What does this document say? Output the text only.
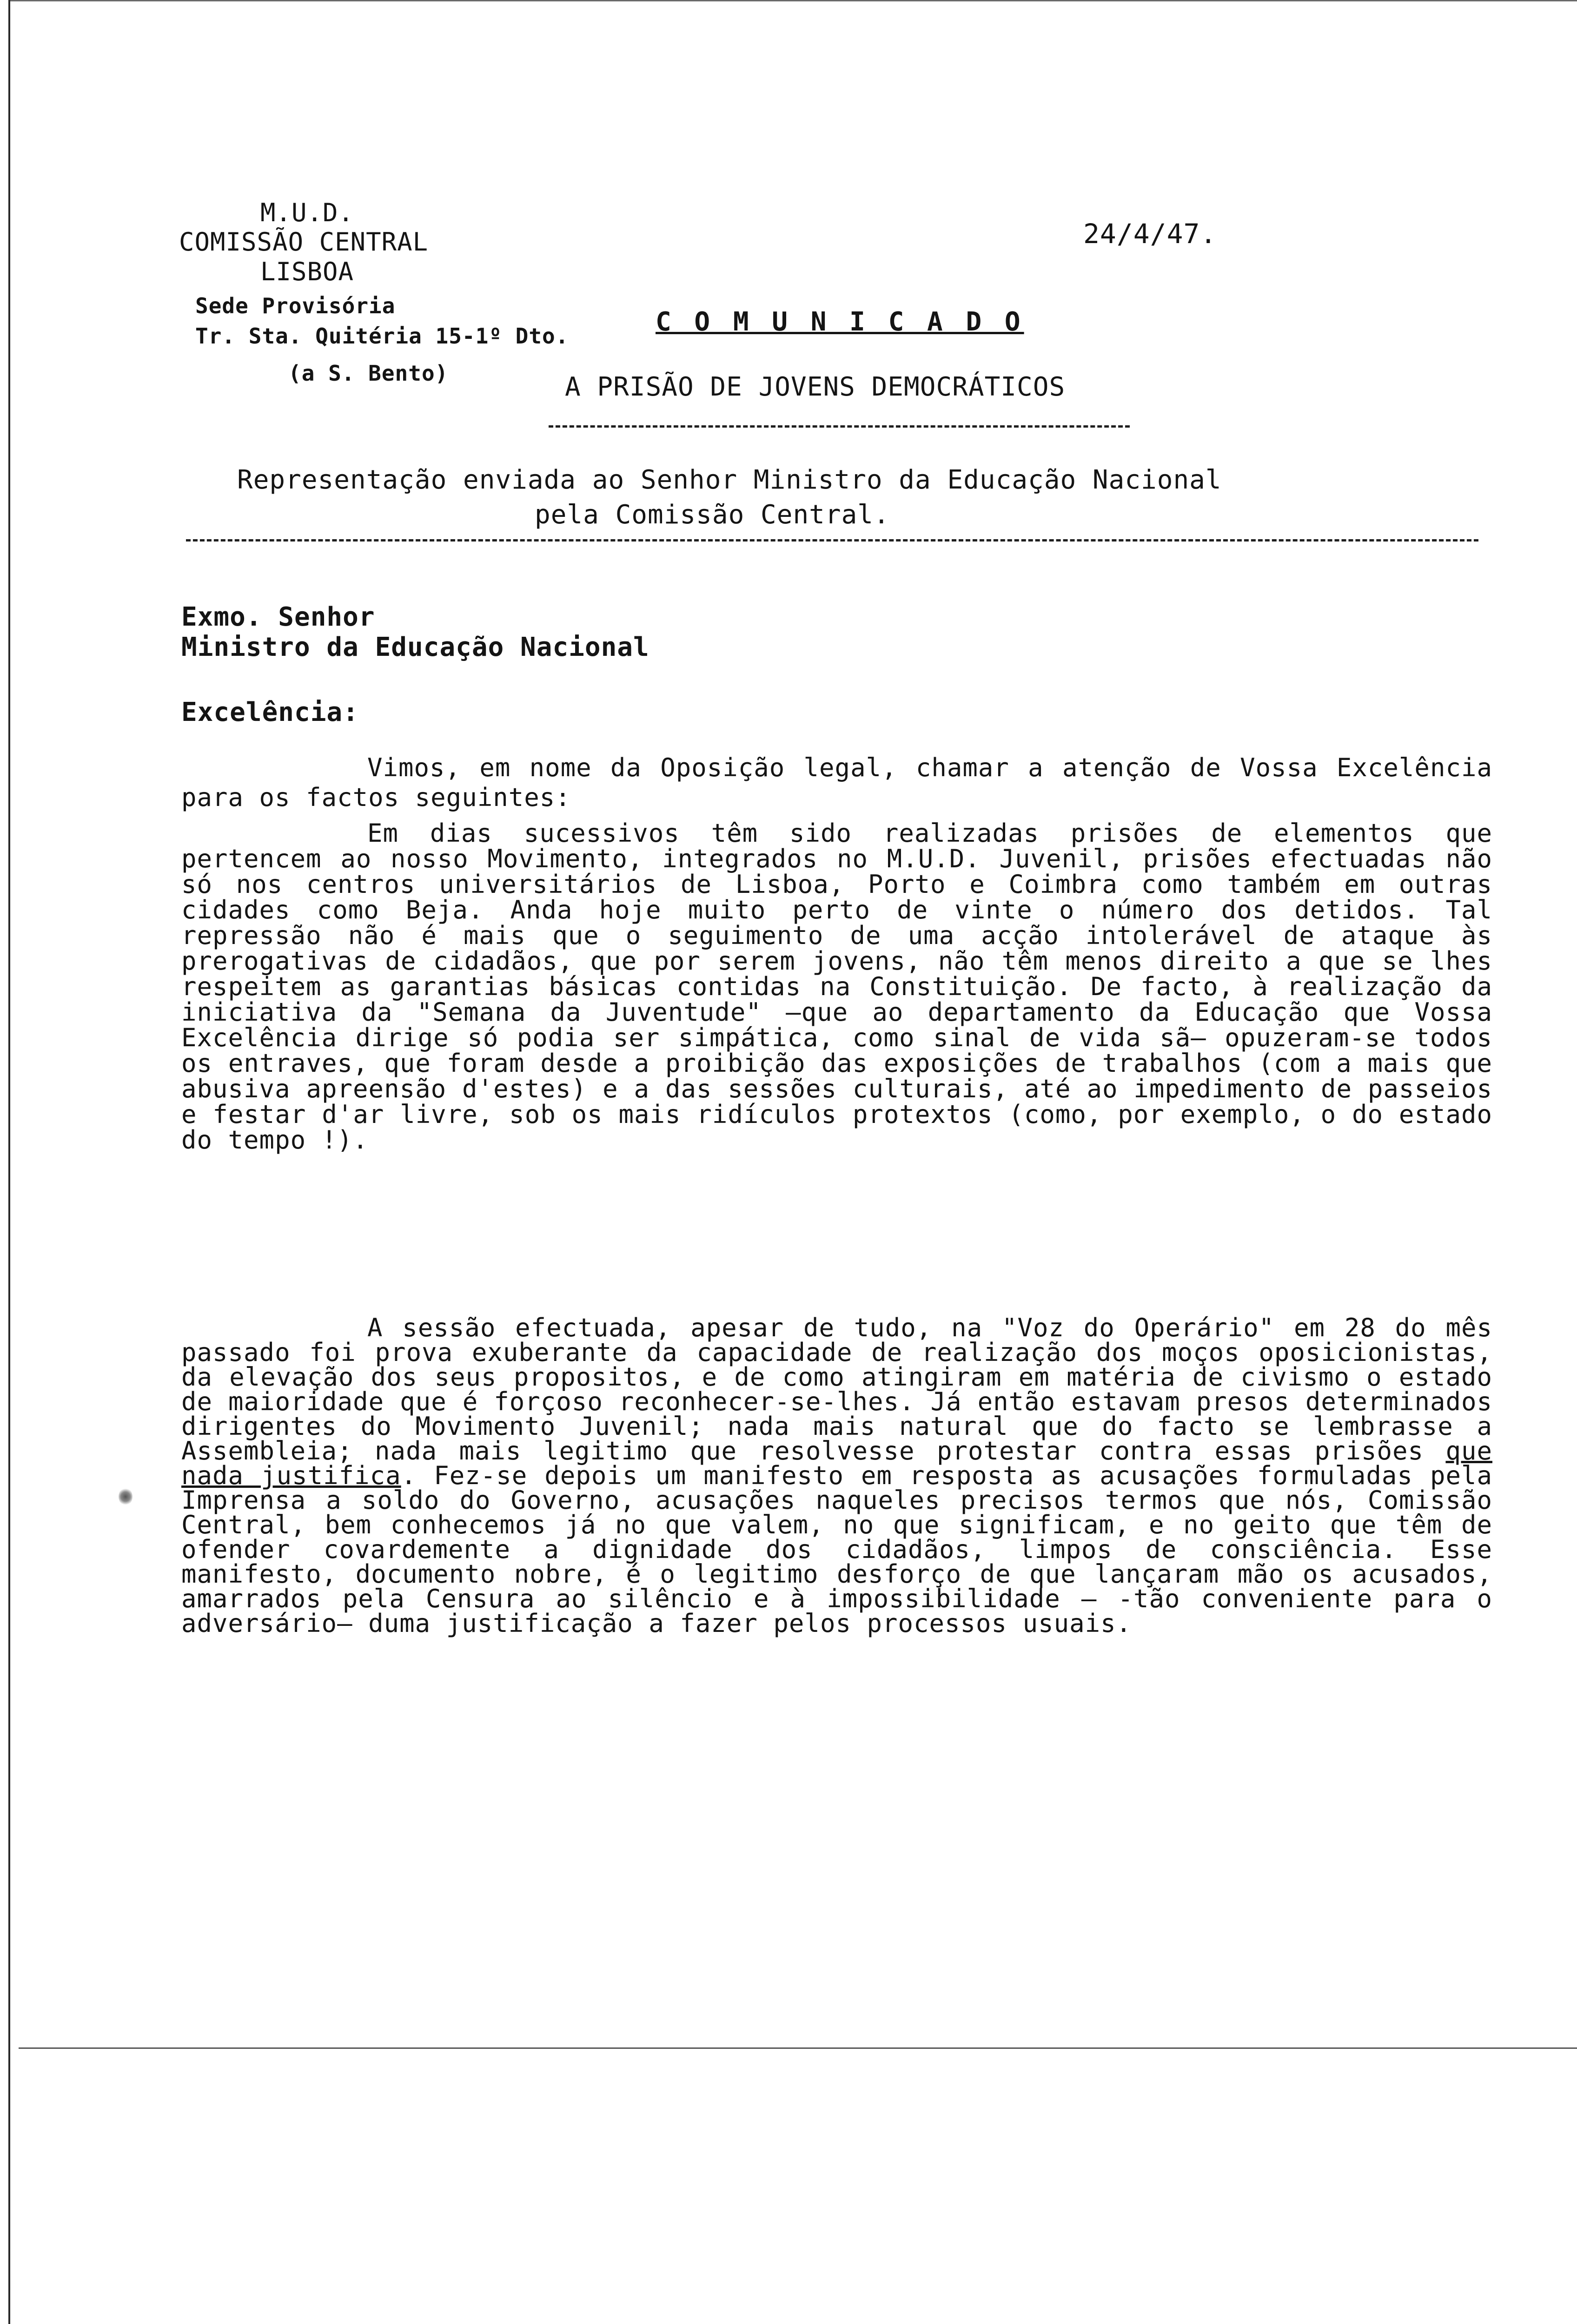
M.U.D.
COMISSÃO CENTRAL
LISBOA
Sede Provisória
Tr. Sta. Quitéria 15-1º Dto.
(a S. Bento)
24/4/47.
C O M U N I C A D O
A PRISÃO DE JOVENS DEMOCRÁTICOS
Representação enviada ao Senhor Ministro da Educação Nacional
pela Comissão Central.
Exmo. Senhor
Ministro da Educação Nacional
Excelência:

Vimos, em nome da Oposição legal, chamar a atenção de Vossa Excelência para os factos seguintes:

Em dias sucessivos têm sido realizadas prisões de elementos que pertencem ao nosso Movimento, integrados no M.U.D. Juvenil, prisões efectuadas não só nos centros universitários de Lisboa, Porto e Coimbra como também em outras cidades como Beja. Anda hoje muito perto de vinte o número dos detidos. Tal repressão não é mais que o seguimento de uma acção intolerável de ataque às prerogativas de cidadãos, que por serem jovens, não têm menos direito a que se lhes respeitem as garantias básicas contidas na Constituição. De facto, à realização da iniciativa da "Semana da Juventude" —que ao departamento da Educação que Vossa Excelência dirige só podia ser simpática, como sinal de vida sã— opuzeram-se todos os entraves, que foram desde a proibição das exposições de trabalhos (com a mais que abusiva apreensão d'estes) e a das sessões culturais, até ao impedimento de passeios e festar d'ar livre, sob os mais ridículos protextos (como, por exemplo, o do estado do tempo !).

A sessão efectuada, apesar de tudo, na "Voz do Operário" em 28 do mês passado foi prova exuberante da capacidade de realização dos moços oposicionistas, da elevação dos seus propositos, e de como atingiram em matéria de civismo o estado de maioridade que é forçoso reconhecer-se-lhes. Já então estavam presos determinados dirigentes do Movimento Juvenil; nada mais natural que do facto se lembrasse a Assembleia; nada mais legitimo que resolvesse protestar contra essas prisões que nada justifica. Fez-se depois um manifesto em resposta as acusações formuladas pela Imprensa a soldo do Governo, acusações naqueles precisos termos que nós, Comissão Central, bem conhecemos já no que valem, no que significam, e no geito que têm de ofender covardemente a dignidade dos cidadãos, limpos de consciência. Esse manifesto, documento nobre, é o legitimo desforço de que lançaram mão os acusados, amarrados pela Censura ao silêncio e à impossibilidade — -tão conveniente para o adversário— duma justificação a fazer pelos processos usuais.
